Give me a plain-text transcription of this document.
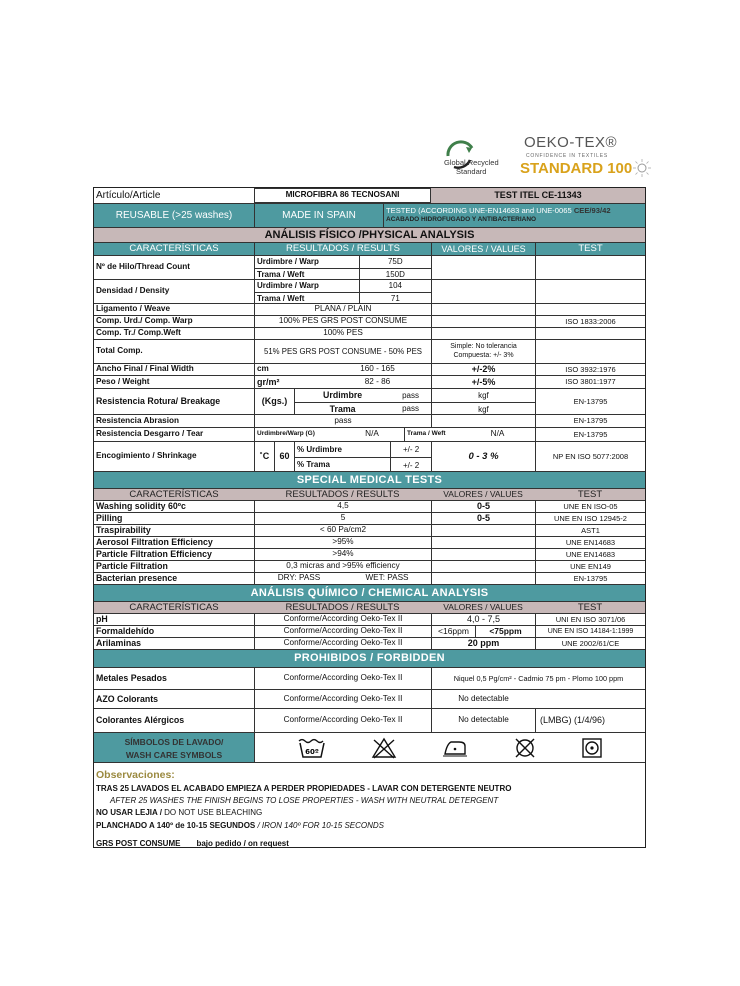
Global Recycled
Standard
OEKO-TEX®
CONFIDENCE IN TEXTILES
STANDARD 100
Artículo/Article	MICROFIBRA 86 TECNOSANI	TEST ITEL CE-11343
REUSABLE (>25 washes)	MADE IN SPAIN	TESTED (ACCORDING UNE-EN14683 and UNE-0065 CEE/93/42
ACABADO HIDROFUGADO Y ANTIBACTERIANO
ANÁLISIS FÍSICO /PHYSICAL ANALYSIS
CARACTERÍSTICAS	RESULTADOS / RESULTS	VALORES / VALUES	TEST
Nº de Hilo/Thread Count
Urdimbre / Warp	75D
Trama / Weft	150D
Densidad / Density
Urdimbre / Warp	104
Trama / Weft	71
Ligamento / Weave	PLANA / PLAIN
Comp. Urd./ Comp. Warp	100% PES GRS POST CONSUME	ISO 1833:2006
Comp. Tr./ Comp.Weft	100% PES
Total Comp.	51% PES GRS POST CONSUME - 50% PES
Simple: No tolerancia
Compuesta: +/- 3%
Ancho Final / Final Width	cm	160 - 165	+/-2%	ISO 3932:1976
Peso / Weight	gr/m²	82 - 86	+/-5%	ISO 3801:1977
Resistencia Rotura/ Breakage	(Kgs.)
Urdimbre	pass	kgf
Trama	pass	kgf
EN-13795
Resistencia Abrasion	pass	EN-13795
Resistencia Desgarro / Tear	Urdimbre/Warp (G)	N/A	Trama / Weft	N/A	EN-13795
Encogimiento / Shrinkage	˚C	60
% Urdimbre	+/- 2
% Trama	+/- 2
0 - 3 %	NP EN ISO 5077:2008
SPECIAL MEDICAL TESTS
CARACTERÍSTICAS	RESULTADOS / RESULTS	VALORES / VALUES	TEST
Washing solidity 60ºc	4,5	0-5	UNE EN ISO-05
Pilling	5	0-5	UNE EN ISO 12945-2
Traspirability	< 60 Pa/cm2	AST1
Aerosol Filtration Efficiency	>95%	UNE EN14683
Particle Filtration Efficiency	>94%	UNE EN14683
Particle Filtration	0,3 micras and >95% efficiency	UNE EN149
Bacterian presence	DRY: PASS	WET: PASS	EN-13795
ANÁLISIS QUÍMICO / CHEMICAL ANALYSIS
CARACTERÍSTICAS	RESULTADOS / RESULTS	VALORES / VALUES	TEST
pH	Conforme/According Oeko-Tex II	4,0 - 7,5	UNI EN ISO 3071/06
Formaldehído	Conforme/According Oeko-Tex II	<16ppm	<75ppm	UNE EN ISO 14184-1:1999
Arilaminas	Conforme/According Oeko-Tex II	20 ppm	UNE 2002/61/CE
PROHIBIDOS / FORBIDDEN
Metales Pesados	Conforme/According Oeko-Tex II	Niquel 0,5 Pg/cm² - Cadmio 75 pm - Plomo 100 ppm
AZO Colorants	Conforme/According Oeko-Tex II	No detectable
Colorantes Alérgicos	Conforme/According Oeko-Tex II	No detectable	(LMBG) (1/4/96)
SÍMBOLOS DE LAVADO/
WASH CARE SYMBOLS	60º
Observaciones:
TRAS 25 LAVADOS EL ACABADO EMPIEZA A PERDER PROPIEDADES - LAVAR CON DETERGENTE NEUTRO
AFTER 25 WASHES THE FINISH BEGINS TO LOSE PROPERTIES - WASH WITH NEUTRAL DETERGENT
NO USAR LEJIA / DO NOT USE BLEACHING
PLANCHADO A 140º de 10-15 SEGUNDOS / IRON 140º FOR 10-15 SECONDS
GRS POST CONSUME bajo pedido / on request
